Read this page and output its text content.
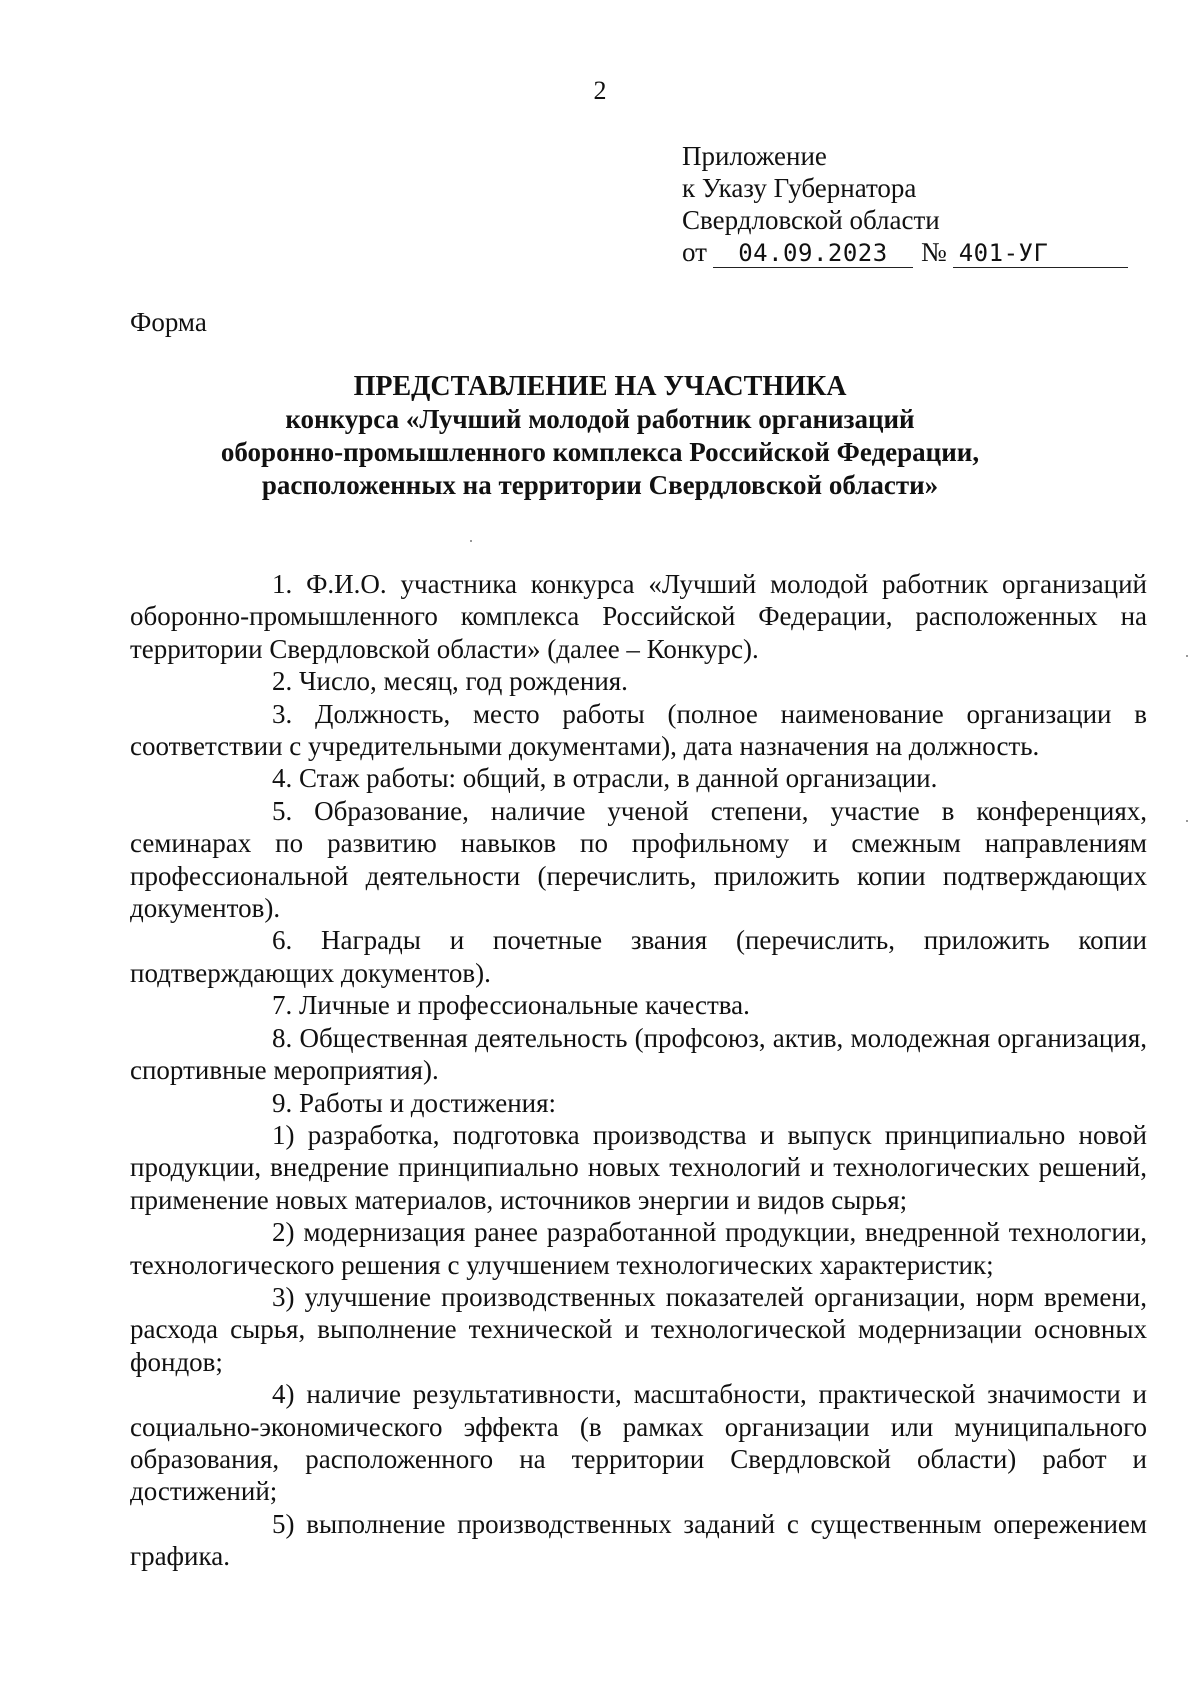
2
Приложение
к Указу Губернатора
Свердловской области
от	04.09.2023	№ 401-УГ
Форма
ПРЕДСТАВЛЕНИЕ НА УЧАСТНИКА
конкурса «Лучший молодой работник организаций
оборонно-промышленного комплекса Российской Федерации,
расположенных на территории Свердловской области»

1. Ф.И.О. участника конкурса «Лучший молодой работник организаций оборонно-промышленного комплекса Российской Федерации, расположенных на территории Свердловской области» (далее – Конкурс).

2. Число, месяц, год рождения.

3. Должность, место работы (полное наименование организации в соответствии с учредительными документами), дата назначения на должность.

4. Стаж работы: общий, в отрасли, в данной организации.

5. Образование, наличие ученой степени, участие в конференциях, семинарах по развитию навыков по профильному и смежным направлениям профессиональной деятельности (перечислить, приложить копии подтверждающих документов).

6. Награды и почетные звания (перечислить, приложить копии подтверждающих документов).

7. Личные и профессиональные качества.

8. Общественная деятельность (профсоюз, актив, молодежная организация, спортивные мероприятия).

9. Работы и достижения:

1) разработка, подготовка производства и выпуск принципиально новой продукции, внедрение принципиально новых технологий и технологических решений, применение новых материалов, источников энергии и видов сырья;

2) модернизация ранее разработанной продукции, внедренной технологии, технологического решения с улучшением технологических характеристик;

3) улучшение производственных показателей организации, норм времени, расхода сырья, выполнение технической и технологической модернизации основных фондов;

4) наличие результативности, масштабности, практической значимости и социально-экономического эффекта (в рамках организации или муниципального образования, расположенного на территории Свердловской области) работ и достижений;

5) выполнение производственных заданий с существенным опережением графика.
